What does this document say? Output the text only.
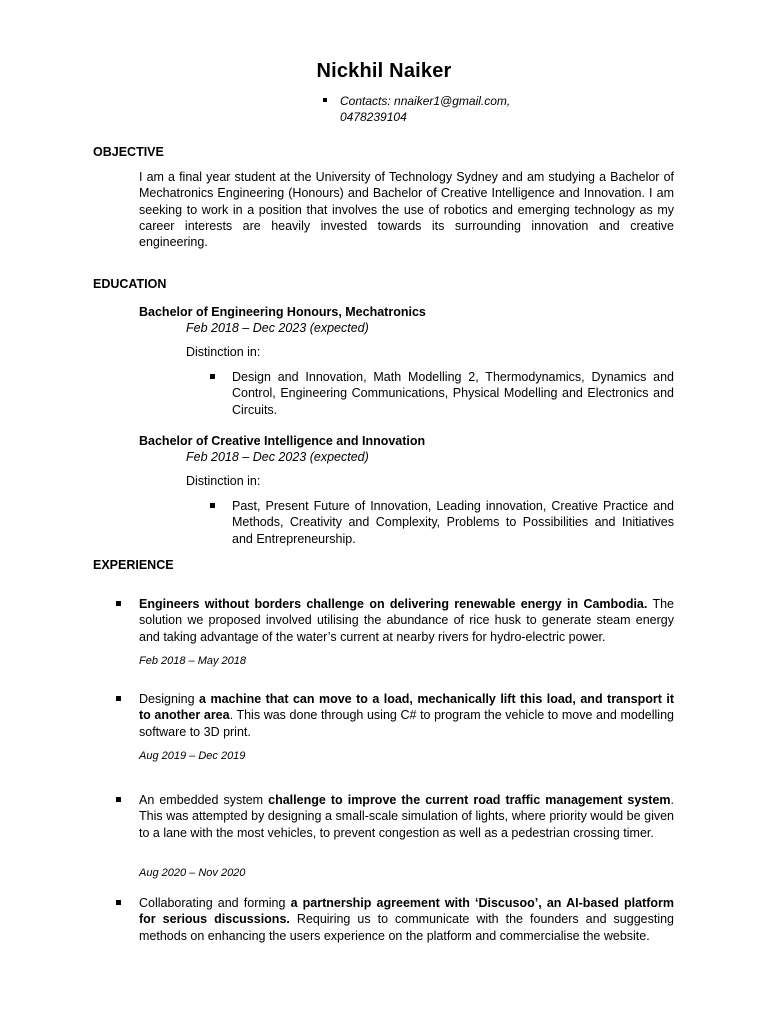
Nickhil Naiker
Contacts: nnaiker1@gmail.com,
0478239104
OBJECTIVE
I am a final year student at the University of Technology Sydney and am studying a Bachelor of Mechatronics Engineering (Honours) and Bachelor of Creative Intelligence and Innovation. I am seeking to work in a position that involves the use of robotics and emerging technology as my career interests are heavily invested towards its surrounding innovation and creative engineering.
EDUCATION
Bachelor of Engineering Honours, Mechatronics
Feb 2018 – Dec 2023 (expected)
Distinction in:
Design and Innovation, Math Modelling 2, Thermodynamics, Dynamics and Control, Engineering Communications, Physical Modelling and Electronics and Circuits.
Bachelor of Creative Intelligence and Innovation
Feb 2018 – Dec 2023 (expected)
Distinction in:
Past, Present Future of Innovation, Leading innovation, Creative Practice and Methods, Creativity and Complexity, Problems to Possibilities and Initiatives and Entrepreneurship.
EXPERIENCE
Engineers without borders challenge on delivering renewable energy in Cambodia. The solution we proposed involved utilising the abundance of rice husk to generate steam energy and taking advantage of the water’s current at nearby rivers for hydro-electric power.
Feb 2018 – May 2018
Designing a machine that can move to a load, mechanically lift this load, and transport it to another area. This was done through using C# to program the vehicle to move and modelling software to 3D print.
Aug 2019 – Dec 2019
An embedded system challenge to improve the current road traffic management system. This was attempted by designing a small-scale simulation of lights, where priority would be given to a lane with the most vehicles, to prevent congestion as well as a pedestrian crossing timer.
Aug 2020 – Nov 2020
Collaborating and forming a partnership agreement with ‘Discusoo’, an AI-based platform for serious discussions. Requiring us to communicate with the founders and suggesting methods on enhancing the users experience on the platform and commercialise the website.
